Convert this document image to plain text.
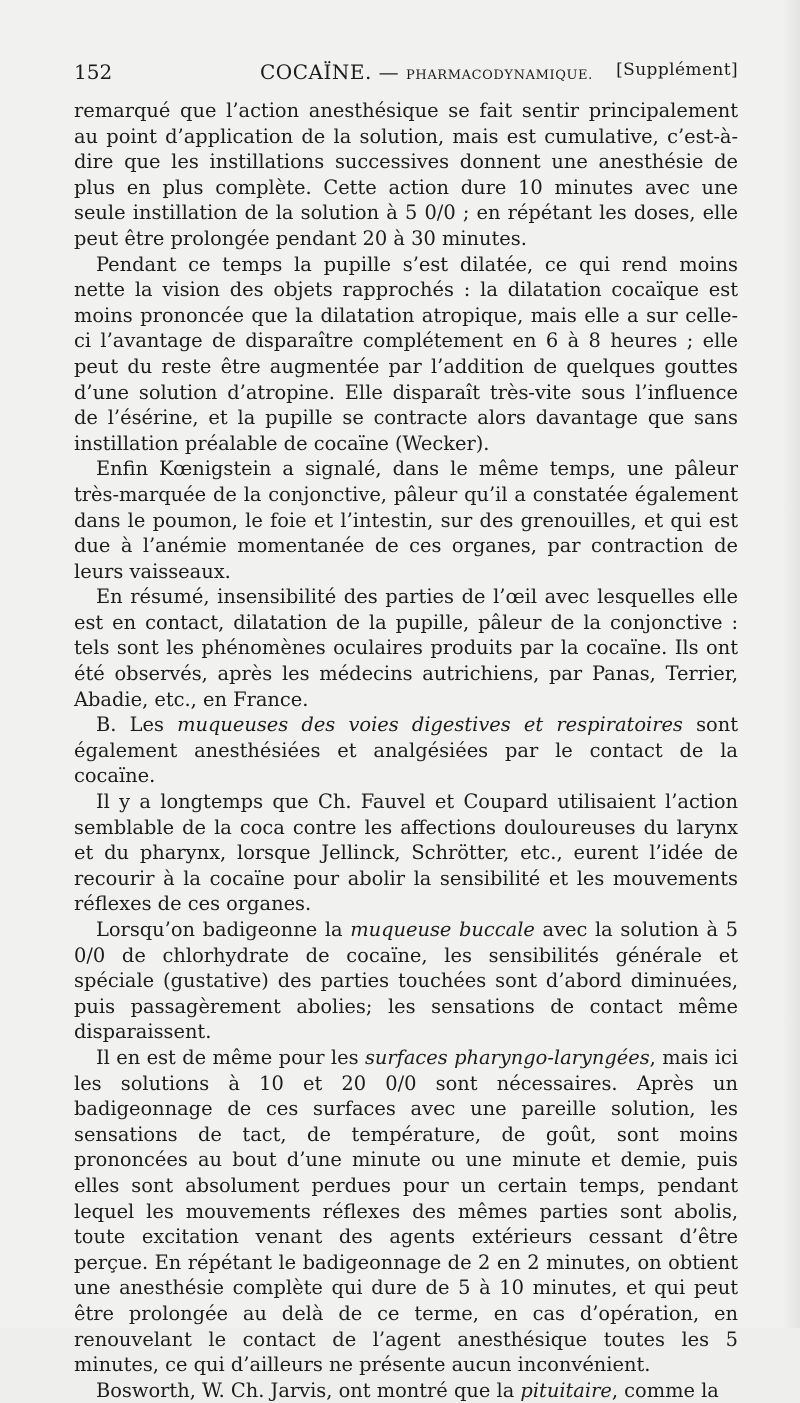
152	COCAÏNE. — PHARMACODYNAMIQUE. [Supplément]

remarqué que l’action anesthésique se fait sentir principalement au point d’application de la solution, mais est cumulative, c’est-à-dire que les instillations successives donnent une anesthésie de plus en plus complète. Cette action dure 10 minutes avec une seule instillation de la solution à 5 0/0 ; en répétant les doses, elle peut être prolongée pendant 20 à 30 minutes.

Pendant ce temps la pupille s’est dilatée, ce qui rend moins nette la vision des objets rapprochés : la dilatation cocaïque est moins prononcée que la dilatation atropique, mais elle a sur celle-ci l’avantage de disparaître complétement en 6 à 8 heures ; elle peut du reste être augmentée par l’addition de quelques gouttes d’une solution d’atropine. Elle disparaît très-vite sous l’influence de l’ésérine, et la pupille se contracte alors davantage que sans instillation préalable de cocaïne (Wecker).

Enfin Kœnigstein a signalé, dans le même temps, une pâleur très-marquée de la conjonctive, pâleur qu’il a constatée également dans le poumon, le foie et l’intestin, sur des grenouilles, et qui est due à l’anémie momentanée de ces organes, par contraction de leurs vaisseaux.

En résumé, insensibilité des parties de l’œil avec lesquelles elle est en contact, dilatation de la pupille, pâleur de la conjonctive : tels sont les phénomènes oculaires produits par la cocaïne. Ils ont été observés, après les médecins autrichiens, par Panas, Terrier, Abadie, etc., en France.

B. Les muqueuses des voies digestives et respiratoires sont également anesthésiées et analgésiées par le contact de la cocaïne.

Il y a longtemps que Ch. Fauvel et Coupard utilisaient l’action semblable de la coca contre les affections douloureuses du larynx et du pharynx, lorsque Jellinck, Schrötter, etc., eurent l’idée de recourir à la cocaïne pour abolir la sensibilité et les mouvements réflexes de ces organes.

Lorsqu’on badigeonne la muqueuse buccale avec la solution à 5 0/0 de chlorhydrate de cocaïne, les sensibilités générale et spéciale (gustative) des parties touchées sont d’abord diminuées, puis passagèrement abolies; les sensations de contact même disparaissent.

Il en est de même pour les surfaces pharyngo-laryngées, mais ici les solutions à 10 et 20 0/0 sont nécessaires. Après un badigeonnage de ces surfaces avec une pareille solution, les sensations de tact, de température, de goût, sont moins prononcées au bout d’une minute ou une minute et demie, puis elles sont absolument perdues pour un certain temps, pendant lequel les mouvements réflexes des mêmes parties sont abolis, toute excitation venant des agents extérieurs cessant d’être perçue. En répétant le badigeonnage de 2 en 2 minutes, on obtient une anesthésie complète qui dure de 5 à 10 minutes, et qui peut être prolongée au delà de ce terme, en cas d’opération, en renouvelant le contact de l’agent anesthésique toutes les 5 minutes, ce qui d’ailleurs ne présente aucun inconvénient.

Bosworth, W. Ch. Jarvis, ont montré que la pituitaire, comme la
